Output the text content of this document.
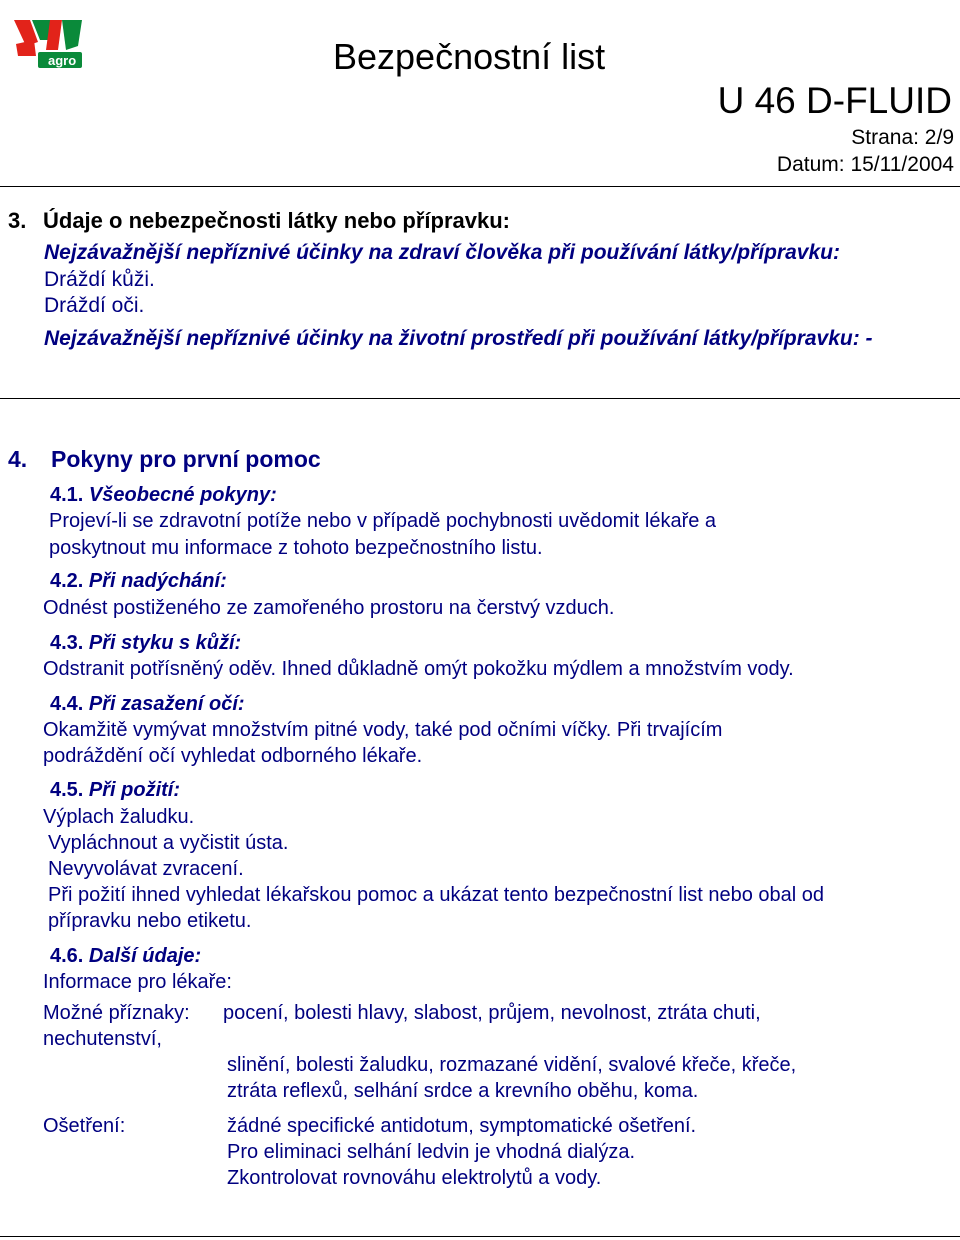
agro	Bezpečnostní list
U 46 D-FLUID
Strana: 2/9
Datum: 15/11/2004
3. Údaje o nebezpečnosti látky nebo přípravku:
Nejzávažnější nepříznivé účinky na zdraví člověka při používání látky/přípravku:
Dráždí kůži.
Dráždí oči.
Nejzávažnější nepříznivé účinky na životní prostředí při používání látky/přípravku: -
4. Pokyny pro první pomoc
4.1. Všeobecné pokyny:
Projeví-li se zdravotní potíže nebo v případě pochybnosti uvědomit lékaře a
poskytnout mu informace z tohoto bezpečnostního listu.
4.2. Při nadýchání:
Odnést postiženého ze zamořeného prostoru na čerstvý vzduch.
4.3. Při styku s kůží:
Odstranit potřísněný oděv. Ihned důkladně omýt pokožku mýdlem a množstvím vody.
4.4. Při zasažení očí:
Okamžitě vymývat množstvím pitné vody, také pod očními víčky. Při trvajícím
podráždění očí vyhledat odborného lékaře.
4.5. Při požití:
Výplach žaludku.
Vypláchnout a vyčistit ústa.
Nevyvolávat zvracení.
Při požití ihned vyhledat lékařskou pomoc a ukázat tento bezpečnostní list nebo obal od
přípravku nebo etiketu.
4.6. Další údaje:
Informace pro lékaře:
Možné příznaky: pocení, bolesti hlavy, slabost, průjem, nevolnost, ztráta chuti,
nechutenství,
slinění, bolesti žaludku, rozmazané vidění, svalové křeče, křeče,
ztráta reflexů, selhání srdce a krevního oběhu, koma.
Ošetření:	žádné specifické antidotum, symptomatické ošetření.
Pro eliminaci selhání ledvin je vhodná dialýza.
Zkontrolovat rovnováhu elektrolytů a vody.
